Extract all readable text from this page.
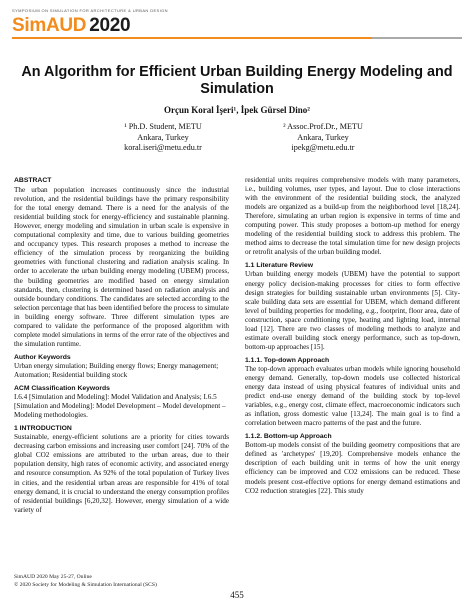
SYMPOSIUM ON SIMULATION FOR ARCHITECTURE & URBAN DESIGN
SimAUD 2020
An Algorithm for Efficient Urban Building Energy Modeling and Simulation
Orçun Koral İşeri¹, İpek Gürsel Dino²
¹ Ph.D. Student, METU
Ankara, Turkey
koral.iseri@metu.edu.tr
² Assoc.Prof.Dr., METU
Ankara, Turkey
ipekg@metu.edu.tr
ABSTRACT

The urban population increases continuously since the industrial revolution, and the residential buildings have the primary responsibility for the total energy demand. There is a need for the analysis of the residential building stock for energy-efficiency and sustainable planning. However, energy modeling and simulation in urban scale is expensive in computational complexity and time, due to various building geometries and occupancy types. This research proposes a method to increase the efficiency of the simulation process by reorganizing the building geometries with functional clustering and radiation analysis scaling. In order to accelerate the urban building energy modeling (UBEM) process, the building geometries are modified based on energy simulation standards, then, clustering is determined based on radiation analysis and outside boundary conditions. The candidates are selected according to the selection percentage that has been identified before the process to simulate in building energy software. Three different simulation types are compared to validate the performance of the proposed algorithm with complete model simulations in terms of the error rate of the objectives and the simulation runtime.

Author Keywords

Urban energy simulation; Building energy flows; Energy management; Automation; Residential building stock

ACM Classification Keywords

I.6.4 [Simulation and Modeling]: Model Validation and Analysis; I.6.5 [Simulation and Modeling]: Model Development – Model development – Modeling methodologies.

1 INTRODUCTION

Sustainable, energy-efficient solutions are a priority for cities towards decreasing carbon emissions and increasing user comfort [24]. 70% of the global CO2 emissions are attributed to the urban areas, due to their population density, high rates of economic activity, and associated energy and resource consumption. As 92% of the total population of Turkey lives in cities, and the residential urban areas are responsible for 41% of total energy demand, it is crucial to understand the energy consumption profiles of residential buildings [6,20,32]. However, energy simulation of a wide variety of

residential units requires comprehensive models with many parameters, i.e., building volumes, user types, and layout. Due to close interactions with the environment of the residential building stock, the analyzed models are organized as a build-up from the neighborhood level [18,24]. Therefore, simulating an urban region is expensive in terms of time and computing power. This study proposes a bottom-up method for energy modeling of the residential building stock to address this problem. The method aims to decrease the total simulation time for new design projects or retrofit analysis of the urban building model.

1.1 Literature Review

Urban building energy models (UBEM) have the potential to support energy policy decision-making processes for cities to form effective design strategies for building sustainable urban environments [5]. City-scale building data sets are essential for UBEM, which demand different level of building properties for modeling, e.g., footprint, floor area, date of construction, space conditioning type, heating and lighting load, internal load [12]. There are two classes of modeling methods to analyze and estimate overall building stock energy performance, such as top-down, bottom-up approaches [15].

1.1.1. Top-down Approach

The top-down approach evaluates urban models while ignoring household energy demand. Generally, top-down models use collected historical energy data instead of using physical features of individual units and predict end-use energy demand of the building stock by top-level variables, e.g., energy cost, climate effect, macroeconomic indicators such as inflation, gross domestic value [13,24]. The main goal is to find a correlation between macro patterns of the past and the future.

1.1.2. Bottom-up Approach

Bottom-up models consist of the building geometry compositions that are defined as 'archetypes' [19,20]. Comprehensive models enhance the description of each building unit in terms of how the unit energy efficiency can be improved and CO2 emissions can be reduced. These models present cost-effective options for energy demand estimations and CO2 reduction strategies [22]. This study

SimAUD 2020 May 25-27, Online
© 2020 Society for Modeling & Simulation International (SCS)
455
